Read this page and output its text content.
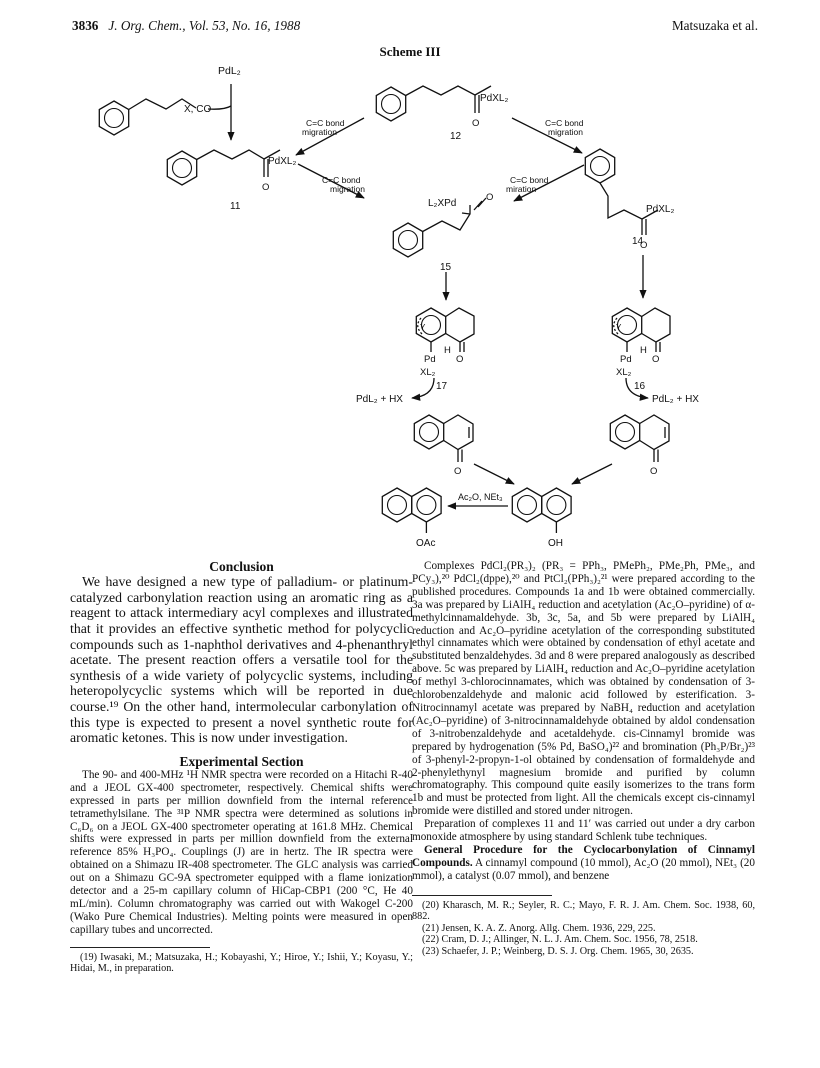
3836 J. Org. Chem., Vol. 53, No. 16, 1988	Matsuzaka et al.
Scheme III
PdL₂
X, CO
PdXL₂
O
12
PdXL₂
O
11
C=C bond
migration
C=C bond
migration
C=C bond
migration
C=C bond
miration
L₂XPd
O
15
PdXL₂
O
14
Y
Pd
H
O
XL₂
17
Y
Pd
H
O
XL₂
16
PdL₂ + HX	PdL₂ + HX
O	O
Ac₂O, NEt₃
OAc	OH

Conclusion

We have designed a new type of palladium- or platinum-catalyzed carbonylation reaction using an aromatic ring as a reagent to attack intermediary acyl complexes and illustrated that it provides an effective synthetic method for polycyclic compounds such as 1-naphthol derivatives and 4-phenanthryl acetate. The present reaction offers a versatile tool for the synthesis of a wide variety of polycyclic systems, including heteropolycyclic systems which will be reported in due course.¹⁹ On the other hand, intermolecular carbonylation of this type is expected to present a novel synthetic route for aromatic ketones. This is now under investigation.

Experimental Section

The 90- and 400-MHz ¹H NMR spectra were recorded on a Hitachi R-40 and a JEOL GX-400 spectrometer, respectively. Chemical shifts were expressed in parts per million downfield from the internal reference tetramethylsilane. The ³¹P NMR spectra were determined as solutions in C₆D₆ on a JEOL GX-400 spectrometer operating at 161.8 MHz. Chemical shifts were expressed in parts per million downfield from the external reference 85% H₃PO₄. Couplings (J) are in hertz. The IR spectra were obtained on a Shimazu IR-408 spectrometer. The GLC analysis was carried out on a Shimazu GC-9A spectrometer equipped with a flame ionization detector and a 25-m capillary column of HiCap-CBP1 (200 °C, He 40 mL/min). Column chromatography was carried out with Wakogel C-200 (Wako Pure Chemical Industries). Melting points were measured in open capillary tubes and uncorrected.

(19) Iwasaki, M.; Matsuzaka, H.; Kobayashi, Y.; Hiroe, Y.; Ishii, Y.; Koyasu, Y.; Hidai, M., in preparation.

Complexes PdCl₂(PR₃)₂ (PR₃ = PPh₃, PMePh₂, PMe₂Ph, PMe₃, and PCy₃),²⁰ PdCl₂(dppe),²⁰ and PtCl₂(PPh₃)₂²¹ were prepared according to the published procedures. Compounds 1a and 1b were obtained commercially. 3a was prepared by LiAlH₄ reduction and acetylation (Ac₂O–pyridine) of α-methylcinnamaldehyde. 3b, 3c, 5a, and 5b were prepared by LiAlH₄ reduction and Ac₂O–pyridine acetylation of the corresponding substituted ethyl cinnamates which were obtained by condensation of ethyl acetate and substituted benzaldehydes. 3d and 8 were prepared analogously as described above. 5c was prepared by LiAlH₄ reduction and Ac₂O–pyridine acetylation of methyl 3-chlorocinnamates, which was obtained by condensation of 3-chlorobenzaldehyde and malonic acid followed by esterification. 3-Nitrocinnamyl acetate was prepared by NaBH₄ reduction and acetylation (Ac₂O–pyridine) of 3-nitrocinnamaldehyde obtained by aldol condensation of 3-nitrobenzaldehyde and acetaldehyde. cis-Cinnamyl bromide was prepared by hydrogenation (5% Pd, BaSO₄)²² and bromination (Ph₃P/Br₂)²³ of 3-phenyl-2-propyn-1-ol obtained by condensation of formaldehyde and 2-phenylethynyl magnesium bromide and purified by column chromatography. This compound quite easily isomerizes to the trans form 1b and must be protected from light. All the chemicals except cis-cinnamyl bromide were distilled and stored under nitrogen.

Preparation of complexes 11 and 11′ was carried out under a dry carbon monoxide atmosphere by using standard Schlenk tube techniques.

General Procedure for the Cyclocarbonylation of Cinnamyl Compounds. A cinnamyl compound (10 mmol), Ac₂O (20 mmol), NEt₃ (20 mmol), a catalyst (0.07 mmol), and benzene

(20) Kharasch, M. R.; Seyler, R. C.; Mayo, F. R. J. Am. Chem. Soc. 1938, 60, 882.

(21) Jensen, K. A. Z. Anorg. Allg. Chem. 1936, 229, 225.

(22) Cram, D. J.; Allinger, N. L. J. Am. Chem. Soc. 1956, 78, 2518.

(23) Schaefer, J. P.; Weinberg, D. S. J. Org. Chem. 1965, 30, 2635.
